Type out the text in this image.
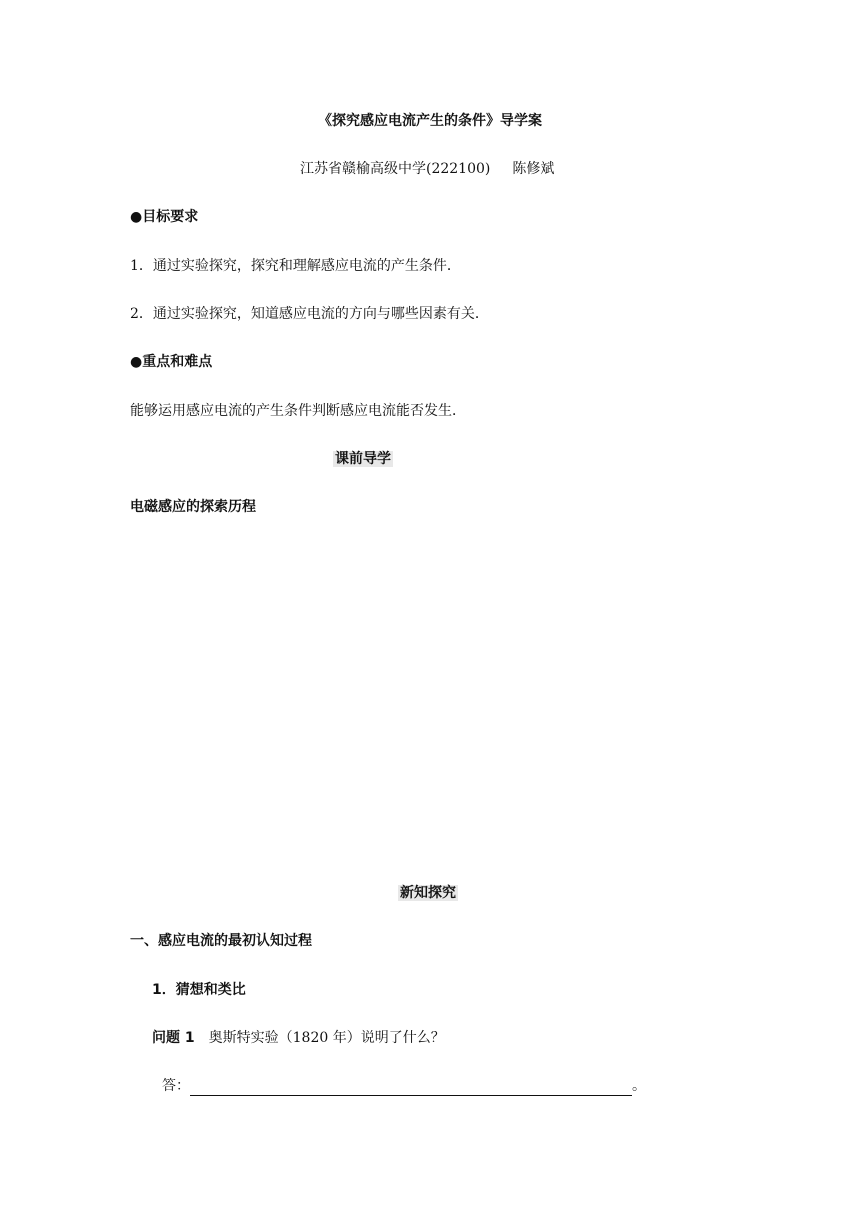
《探究感应电流产生的条件》导学案
江苏省赣榆高级中学(222100) 陈修斌
●目标要求
1．通过实验探究，探究和理解感应电流的产生条件．
2．通过实验探究，知道感应电流的方向与哪些因素有关．
●重点和难点
能够运用感应电流的产生条件判断感应电流能否发生．
课前导学
电磁感应的探索历程
新知探究
一、感应电流的最初认知过程
1．猜想和类比
问题 1 奥斯特实验（1820 年）说明了什么？
答：	。
